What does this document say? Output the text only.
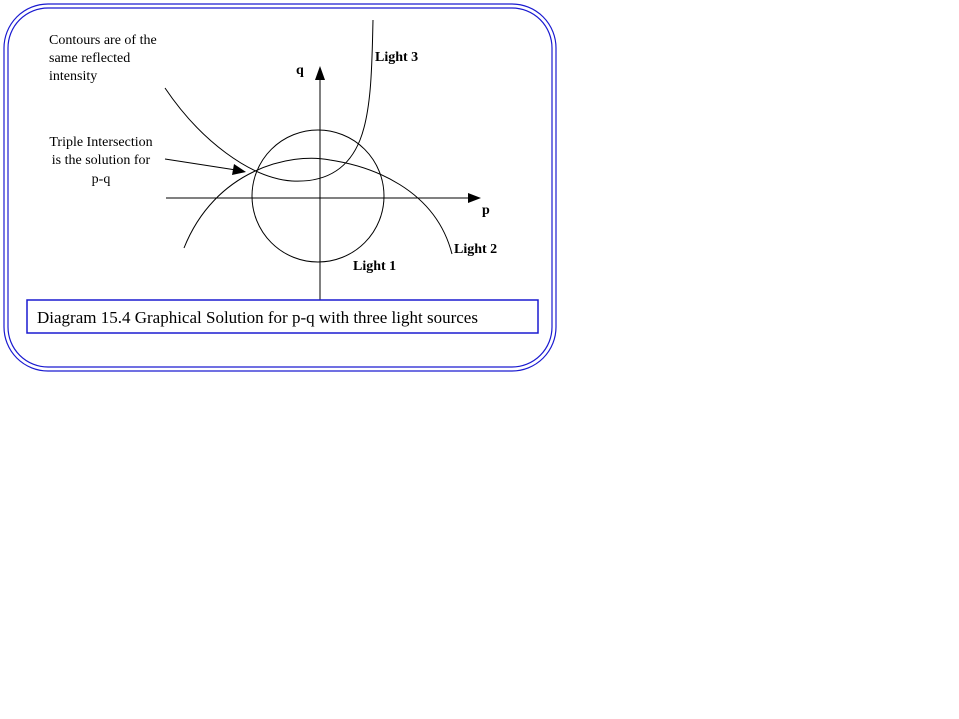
q
p
Light 3
Light 2
Light 1
Contours are of the
same reflected
intensity
Triple Intersection
is the solution for
p-q
Diagram 15.4 Graphical Solution for p-q with three light sources
